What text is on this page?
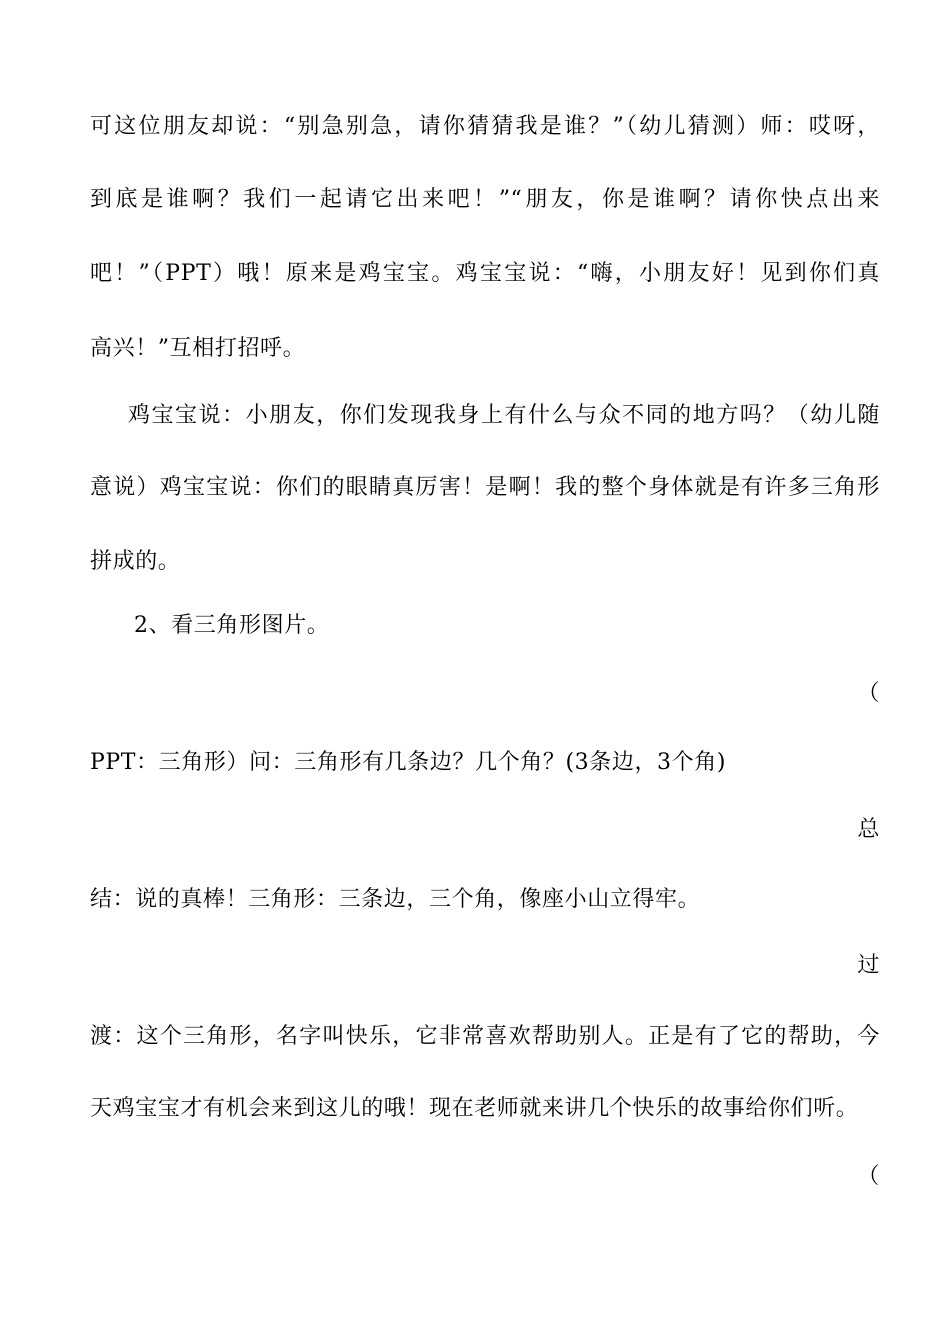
可这位朋友却说：“别急别急，请你猜猜我是谁？”（幼儿猜测）师：哎呀，
到底是谁啊？我们一起请它出来吧！”“朋友，你是谁啊？请你快点出来
吧！”（PPT）哦！原来是鸡宝宝。鸡宝宝说：“嗨，小朋友好！见到你们真
高兴！”互相打招呼。
鸡宝宝说：小朋友，你们发现我身上有什么与众不同的地方吗？（幼儿随
意说）鸡宝宝说：你们的眼睛真厉害！是啊！我的整个身体就是有许多三角形
拼成的。
2、看三角形图片。
（
PPT：三角形）问：三角形有几条边？几个角？(3条边，3个角)
总
结：说的真棒！三角形：三条边，三个角，像座小山立得牢。
过
渡：这个三角形，名字叫快乐，它非常喜欢帮助别人。正是有了它的帮助，今
天鸡宝宝才有机会来到这儿的哦！现在老师就来讲几个快乐的故事给你们听。
（
